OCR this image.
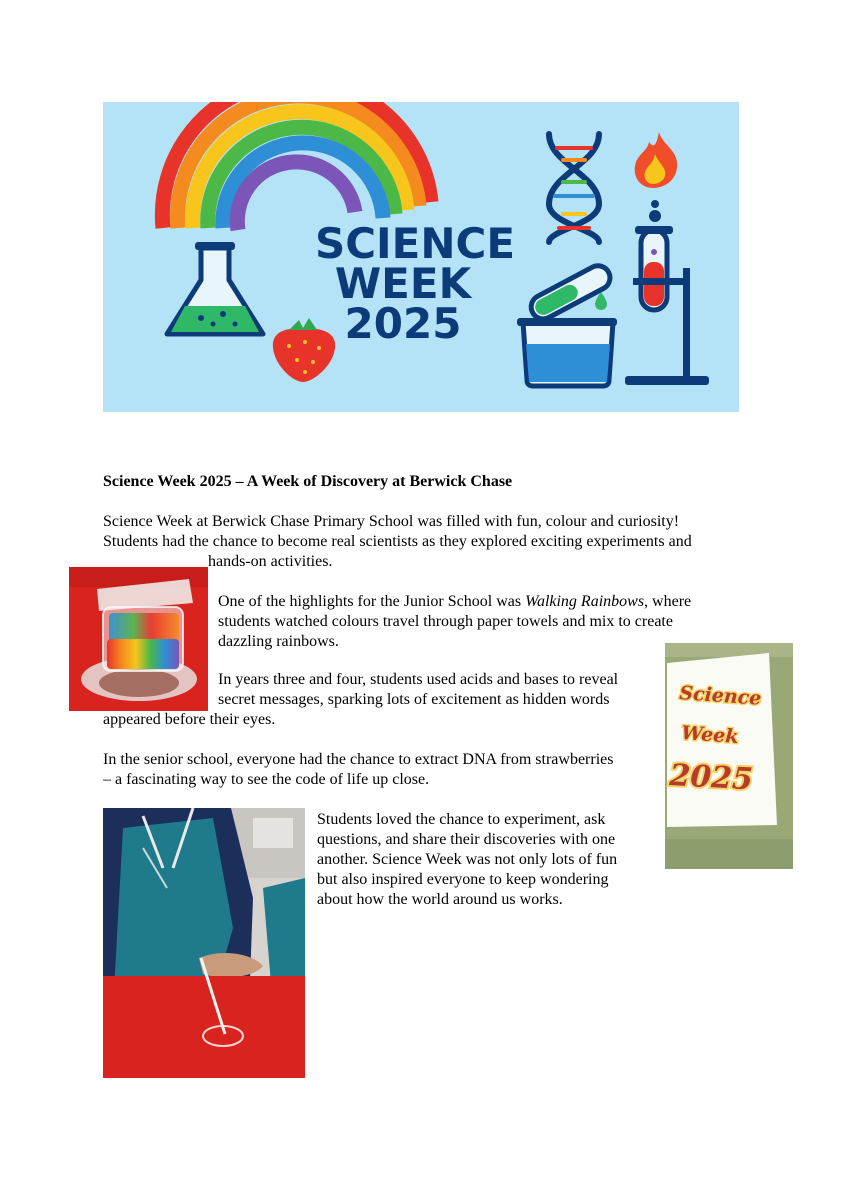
SCIENCE
WEEK
2025

Science Week 2025 – A Week of Discovery at Berwick Chase

Science Week at Berwick Chase Primary School was filled with fun, colour and curiosity!

Students had the chance to become real scientists as they explored exciting experiments and

hands-on activities.

One of the highlights for the Junior School was Walking Rainbows, where

students watched colours travel through paper towels and mix to create

dazzling rainbows.

In years three and four, students used acids and bases to reveal

secret messages, sparking lots of excitement as hidden words

appeared before their eyes.

Science
Week
2025

In the senior school, everyone had the chance to extract DNA from strawberries

– a fascinating way to see the code of life up close.

Students loved the chance to experiment, ask

questions, and share their discoveries with one

another. Science Week was not only lots of fun

but also inspired everyone to keep wondering

about how the world around us works.
